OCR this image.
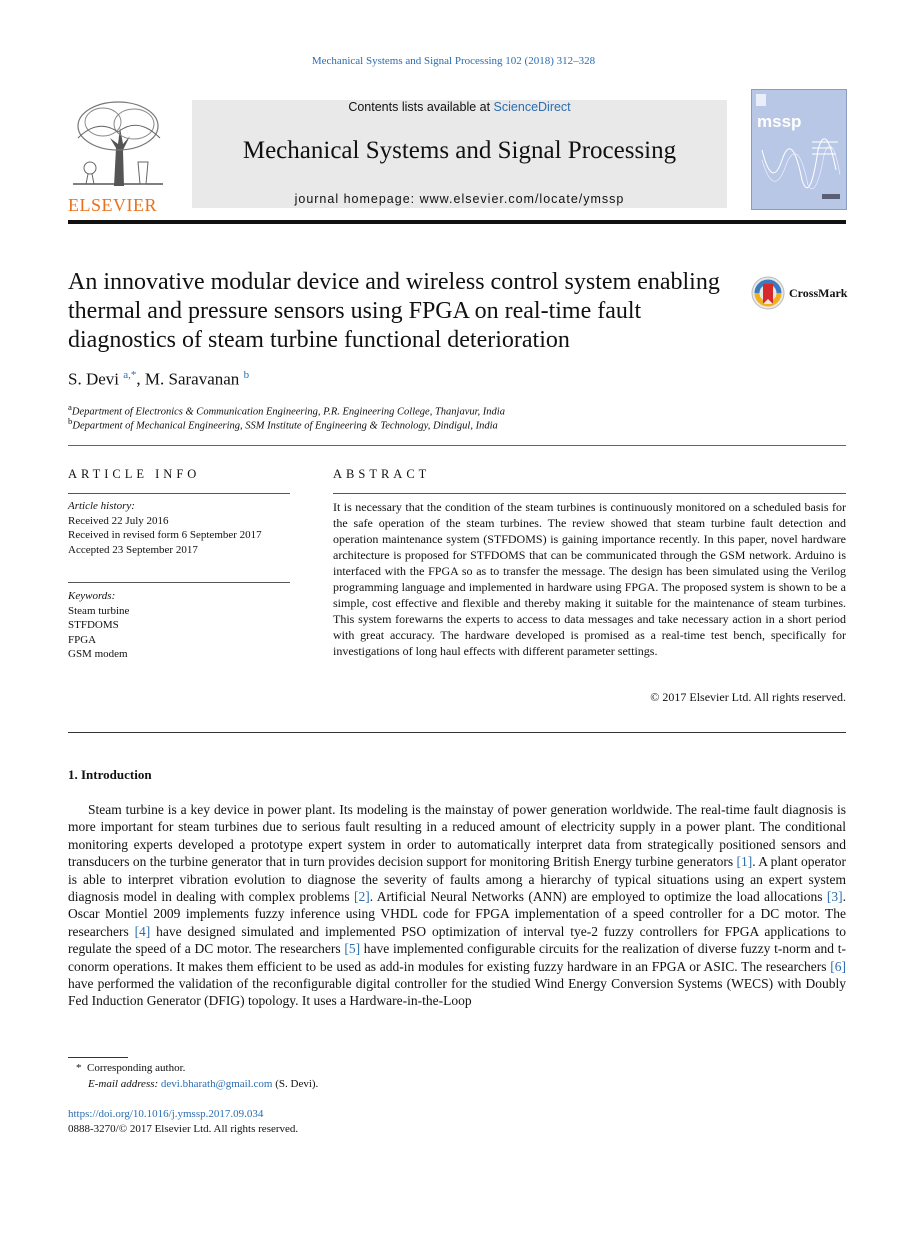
Mechanical Systems and Signal Processing 102 (2018) 312–328
ELSEVIER
Contents lists available at ScienceDirect
Mechanical Systems and Signal Processing
journal homepage: www.elsevier.com/locate/ymssp
mssp
An innovative modular device and wireless control system enabling thermal and pressure sensors using FPGA on real-time fault diagnostics of steam turbine functional deterioration
CrossMark
S. Devi $^{a,*}$, M. Saravanan $^b$
$^a$Department of Electronics & Communication Engineering, P.R. Engineering College, Thanjavur, India
$^b$Department of Mechanical Engineering, SSM Institute of Engineering & Technology, Dindigul, India
ARTICLE INFO
Article history:
Received 22 July 2016
Received in revised form 6 September 2017
Accepted 23 September 2017
Keywords:
Steam turbine
STFDOMS
FPGA
GSM modem
ABSTRACT
It is necessary that the condition of the steam turbines is continuously monitored on a scheduled basis for the safe operation of the steam turbines. The review showed that steam turbine fault detection and operation maintenance system (STFDOMS) is gaining importance recently. In this paper, novel hardware architecture is proposed for STFDOMS that can be communicated through the GSM network. Arduino is interfaced with the FPGA so as to transfer the message. The design has been simulated using the Verilog programming language and implemented in hardware using FPGA. The proposed system is shown to be a simple, cost effective and flexible and thereby making it suitable for the maintenance of steam turbines. This system forewarns the experts to access to data messages and take necessary action in a short period with great accuracy. The hardware developed is promised as a real-time test bench, specifically for investigations of long haul effects with different parameter settings.
© 2017 Elsevier Ltd. All rights reserved.
1. Introduction
Steam turbine is a key device in power plant. Its modeling is the mainstay of power generation worldwide. The real-time fault diagnosis is more important for steam turbines due to serious fault resulting in a reduced amount of electricity supply in a power plant. The conditional monitoring experts developed a prototype expert system in order to automatically interpret data from strategically positioned sensors and transducers on the turbine generator that in turn provides decision support for monitoring British Energy turbine generators [1]. A plant operator is able to interpret vibration evolution to diagnose the severity of faults among a hierarchy of typical situations using an expert system diagnosis model in dealing with complex problems [2]. Artificial Neural Networks (ANN) are employed to optimize the load allocations [3]. Oscar Montiel 2009 implements fuzzy inference using VHDL code for FPGA implementation of a speed controller for a DC motor. The researchers [4] have designed simulated and implemented PSO optimization of interval tye-2 fuzzy controllers for FPGA applications to regulate the speed of a DC motor. The researchers [5] have implemented configurable circuits for the realization of diverse fuzzy t-norm and t-conorm operations. It makes them efficient to be used as add-in modules for existing fuzzy hardware in an FPGA or ASIC. The researchers [6] have performed the validation of the reconfigurable digital controller for the studied Wind Energy Conversion Systems (WECS) with Doubly Fed Induction Generator (DFIG) topology. It uses a Hardware-in-the-Loop
* Corresponding author.
E-mail address: devi.bharath@gmail.com (S. Devi).
https://doi.org/10.1016/j.ymssp.2017.09.034
0888-3270/© 2017 Elsevier Ltd. All rights reserved.
